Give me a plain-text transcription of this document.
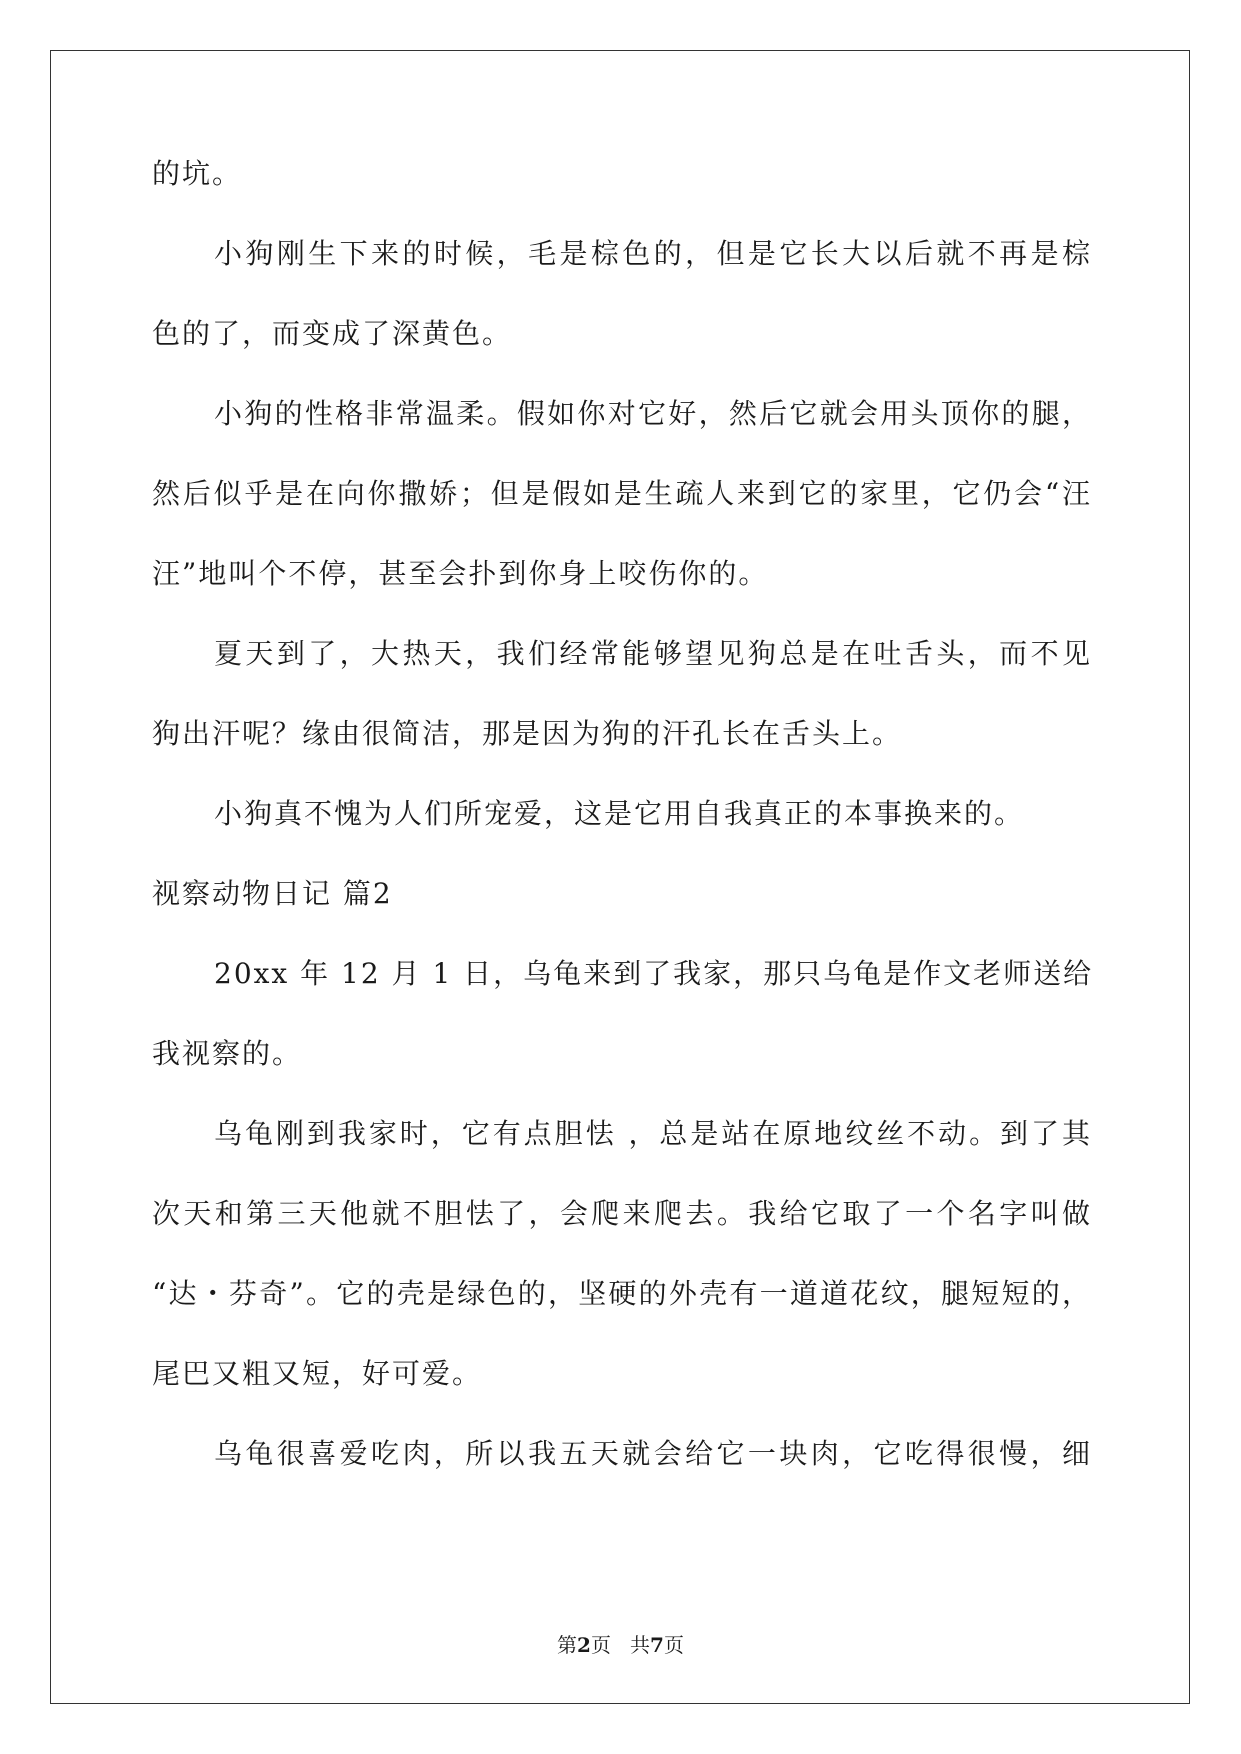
的坑。
小狗刚生下来的时候，毛是棕色的，但是它长大以后就不再是棕
色的了，而变成了深黄色。
小狗的性格非常温柔。假如你对它好，然后它就会用头顶你的腿，
然后似乎是在向你撒娇；但是假如是生疏人来到它的家里，它仍会“汪
汪”地叫个不停，甚至会扑到你身上咬伤你的。
夏天到了，大热天，我们经常能够望见狗总是在吐舌头，而不见
狗出汗呢？缘由很简洁，那是因为狗的汗孔长在舌头上。
小狗真不愧为人们所宠爱，这是它用自我真正的本事换来的。
视察动物日记 篇2
20xx 年 12 月 1 日，乌龟来到了我家，那只乌龟是作文老师送给
我视察的。
乌龟刚到我家时，它有点胆怯 ，总是站在原地纹丝不动。到了其
次天和第三天他就不胆怯了，会爬来爬去。我给它取了一个名字叫做
“达・芬奇”。它的壳是绿色的，坚硬的外壳有一道道花纹，腿短短的，
尾巴又粗又短，好可爱。
乌龟很喜爱吃肉，所以我五天就会给它一块肉，它吃得很慢，细
第2页   共7页
